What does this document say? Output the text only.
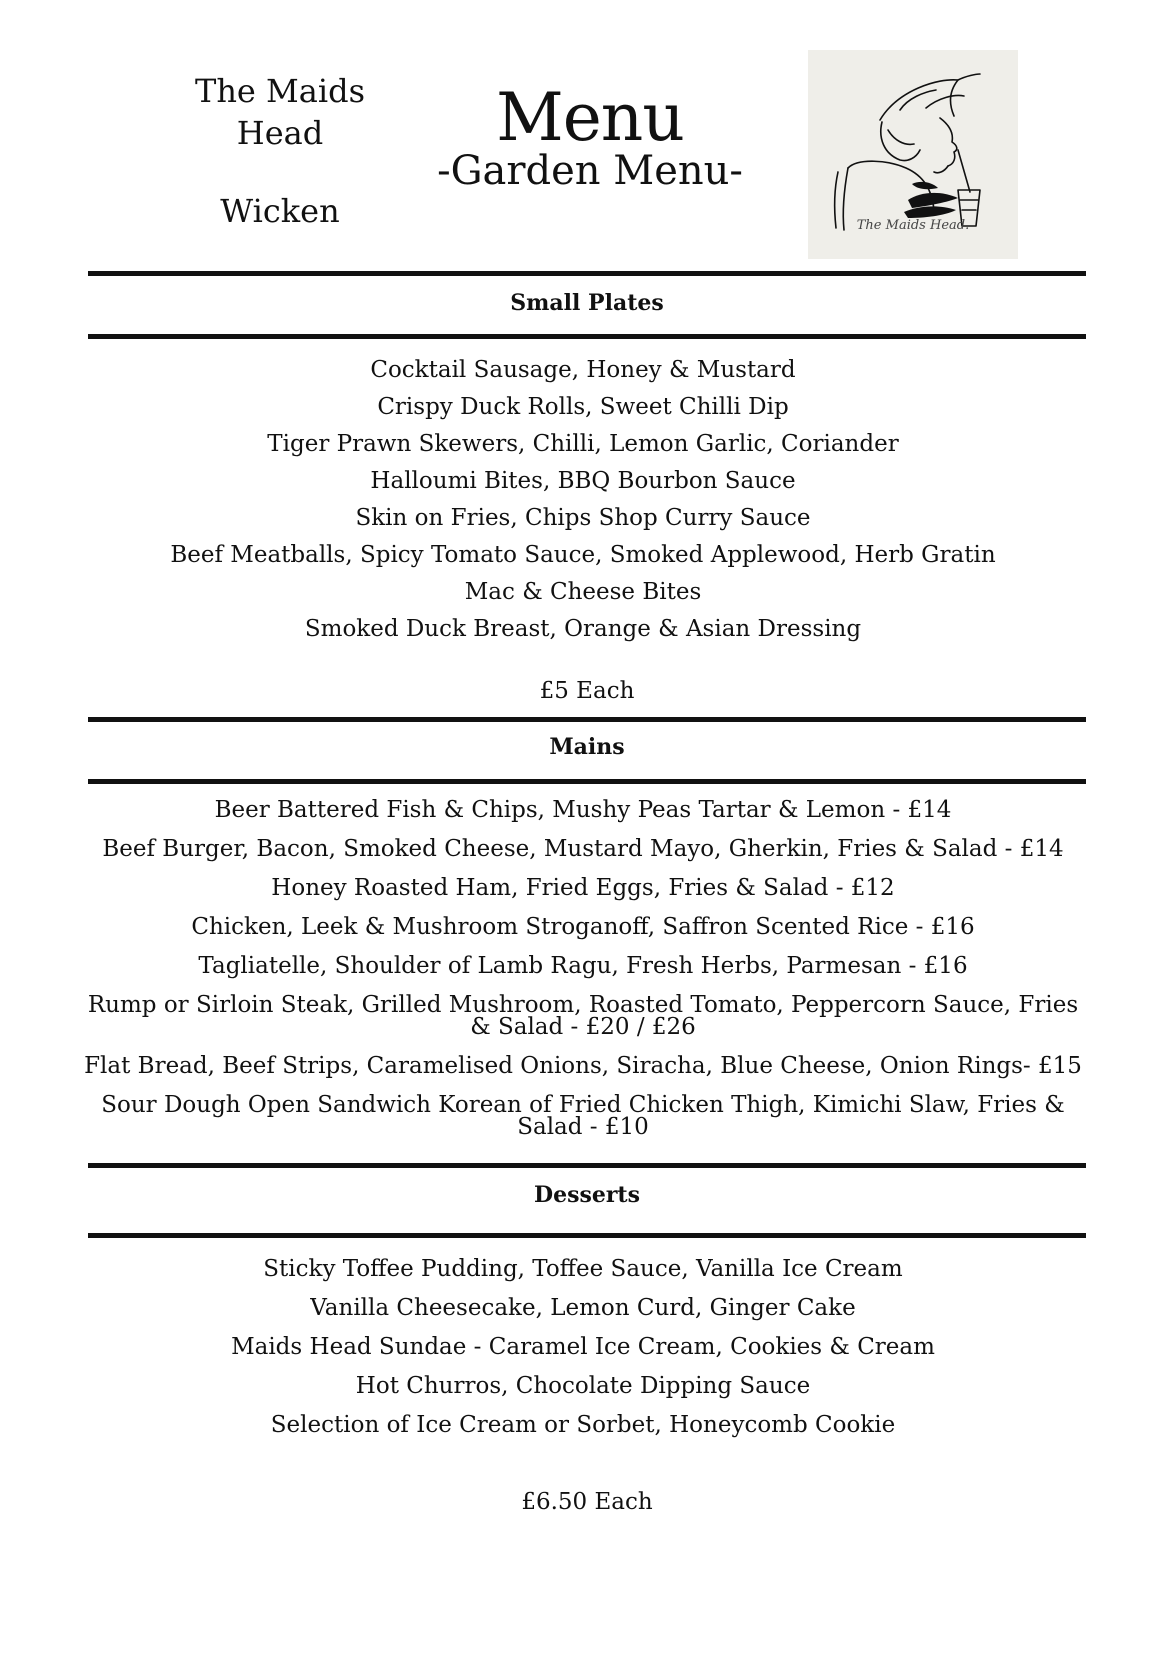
The Maids
Head
Wicken
Menu
-Garden Menu-
The Maids Head.
Small Plates
Cocktail Sausage, Honey & Mustard
Crispy Duck Rolls, Sweet Chilli Dip
Tiger Prawn Skewers, Chilli, Lemon Garlic, Coriander
Halloumi Bites, BBQ Bourbon Sauce
Skin on Fries, Chips Shop Curry Sauce
Beef Meatballs, Spicy Tomato Sauce, Smoked Applewood, Herb Gratin
Mac & Cheese Bites
Smoked Duck Breast, Orange & Asian Dressing
£5 Each
Mains
Beer Battered Fish & Chips, Mushy Peas Tartar & Lemon - £14
Beef Burger, Bacon, Smoked Cheese, Mustard Mayo, Gherkin, Fries & Salad - £14
Honey Roasted Ham, Fried Eggs, Fries & Salad - £12
Chicken, Leek & Mushroom Stroganoff, Saffron Scented Rice - £16
Tagliatelle, Shoulder of Lamb Ragu, Fresh Herbs, Parmesan - £16
Rump or Sirloin Steak, Grilled Mushroom, Roasted Tomato, Peppercorn Sauce, Fries & Salad - £20 / £26
Flat Bread, Beef Strips, Caramelised Onions, Siracha, Blue Cheese, Onion Rings- £15
Sour Dough Open Sandwich Korean of Fried Chicken Thigh, Kimichi Slaw, Fries & Salad - £10
Desserts
Sticky Toffee Pudding, Toffee Sauce, Vanilla Ice Cream
Vanilla Cheesecake, Lemon Curd, Ginger Cake
Maids Head Sundae - Caramel Ice Cream, Cookies & Cream
Hot Churros, Chocolate Dipping Sauce
Selection of Ice Cream or Sorbet, Honeycomb Cookie
£6.50 Each
